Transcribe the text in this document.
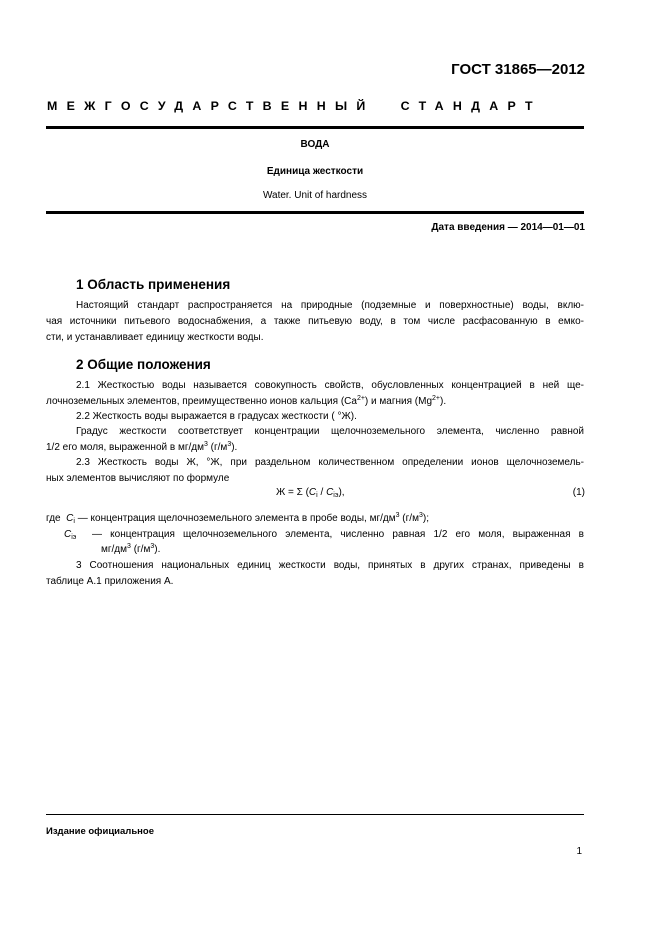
ГОСТ 31865—2012
МЕЖГОСУДАРСТВЕННЫЙ СТАНДАРТ
ВОДА
Единица жесткости
Water. Unit of hardness
Дата введения — 2014—01—01
1 Область применения
Настоящий стандарт распространяется на природные (подземные и поверхностные) воды, вклю-
чая источники питьевого водоснабжения, а также питьевую воду, в том числе расфасованную в емко-
сти, и устанавливает единицу жесткости воды.
2 Общие положения
2.1 Жесткостью воды называется совокупность свойств, обусловленных концентрацией в ней ще-
лочноземельных элементов, преимущественно ионов кальция $(Ca^{2+})$ и магния $(Mg^{2+})$.
2.2 Жесткость воды выражается в градусах жесткости ( °Ж).
Градус жесткости соответствует концентрации щелочноземельного элемента, численно равной
1/2 его моля, выраженной в $мг/дм^3$ $(г/м^3)$.
2.3 Жесткость воды Ж, °Ж, при раздельном количественном определении ионов щелочноземель-
ных элементов вычисляют по формуле
Ж = Σ $(C_i / C_{iэ})$,	(1)
где $C_i$ — концентрация щелочноземельного элемента в пробе воды, $мг/дм^3$ $(г/м^3)$;
$C_{iэ}$	— концентрация щелочноземельного элемента, численно равная 1/2 его моля, выраженная в
$мг/дм^3$ $(г/м^3)$.
3 Соотношения национальных единиц жесткости воды, принятых в других странах, приведены в
таблице А.1 приложения А.
Издание официальное
1
